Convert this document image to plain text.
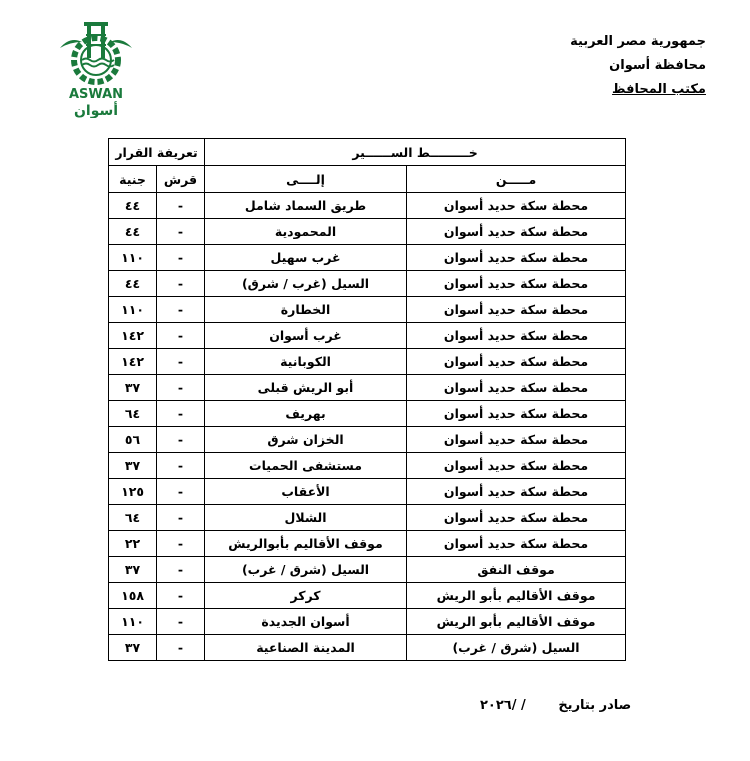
ASWAN
أسوان
جمهورية مصر العربية
محافظة أسوان
مكتب المحافظ
خـــــــــط الســــــير		تعريفة القرار	
مـــــن	إلــــى	قرش	جنية
محطة سكة حديد أسوان	طريق السماد شامل	-	٤٤
محطة سكة حديد أسوان	المحمودية	-	٤٤
محطة سكة حديد أسوان	غرب سهيل	-	١١٠
محطة سكة حديد أسوان	السيل (غرب / شرق)	-	٤٤
محطة سكة حديد أسوان	الخطارة	-	١١٠
محطة سكة حديد أسوان	غرب أسوان	-	١٤٢
محطة سكة حديد أسوان	الكوبانية	-	١٤٢
محطة سكة حديد أسوان	أبو الريش قبلى	-	٣٧
محطة سكة حديد أسوان	بهريف	-	٦٤
محطة سكة حديد أسوان	الخزان شرق	-	٥٦
محطة سكة حديد أسوان	مستشفى الحميات	-	٣٧
محطة سكة حديد أسوان	الأعقاب	-	١٢٥
محطة سكة حديد أسوان	الشلال	-	٦٤
محطة سكة حديد أسوان	موقف الأقاليم بأبوالريش	-	٢٢
موقف النفق	السيل (شرق / غرب)	-	٣٧
موقف الأقاليم بأبو الريش	كركر	-	١٥٨
موقف الأقاليم بأبو الريش	أسوان الجديدة	-	١١٠
السيل (شرق / غرب)	المدينة الصناعية	-	٣٧
صادر بتاريخ / /٢٠٢٦
